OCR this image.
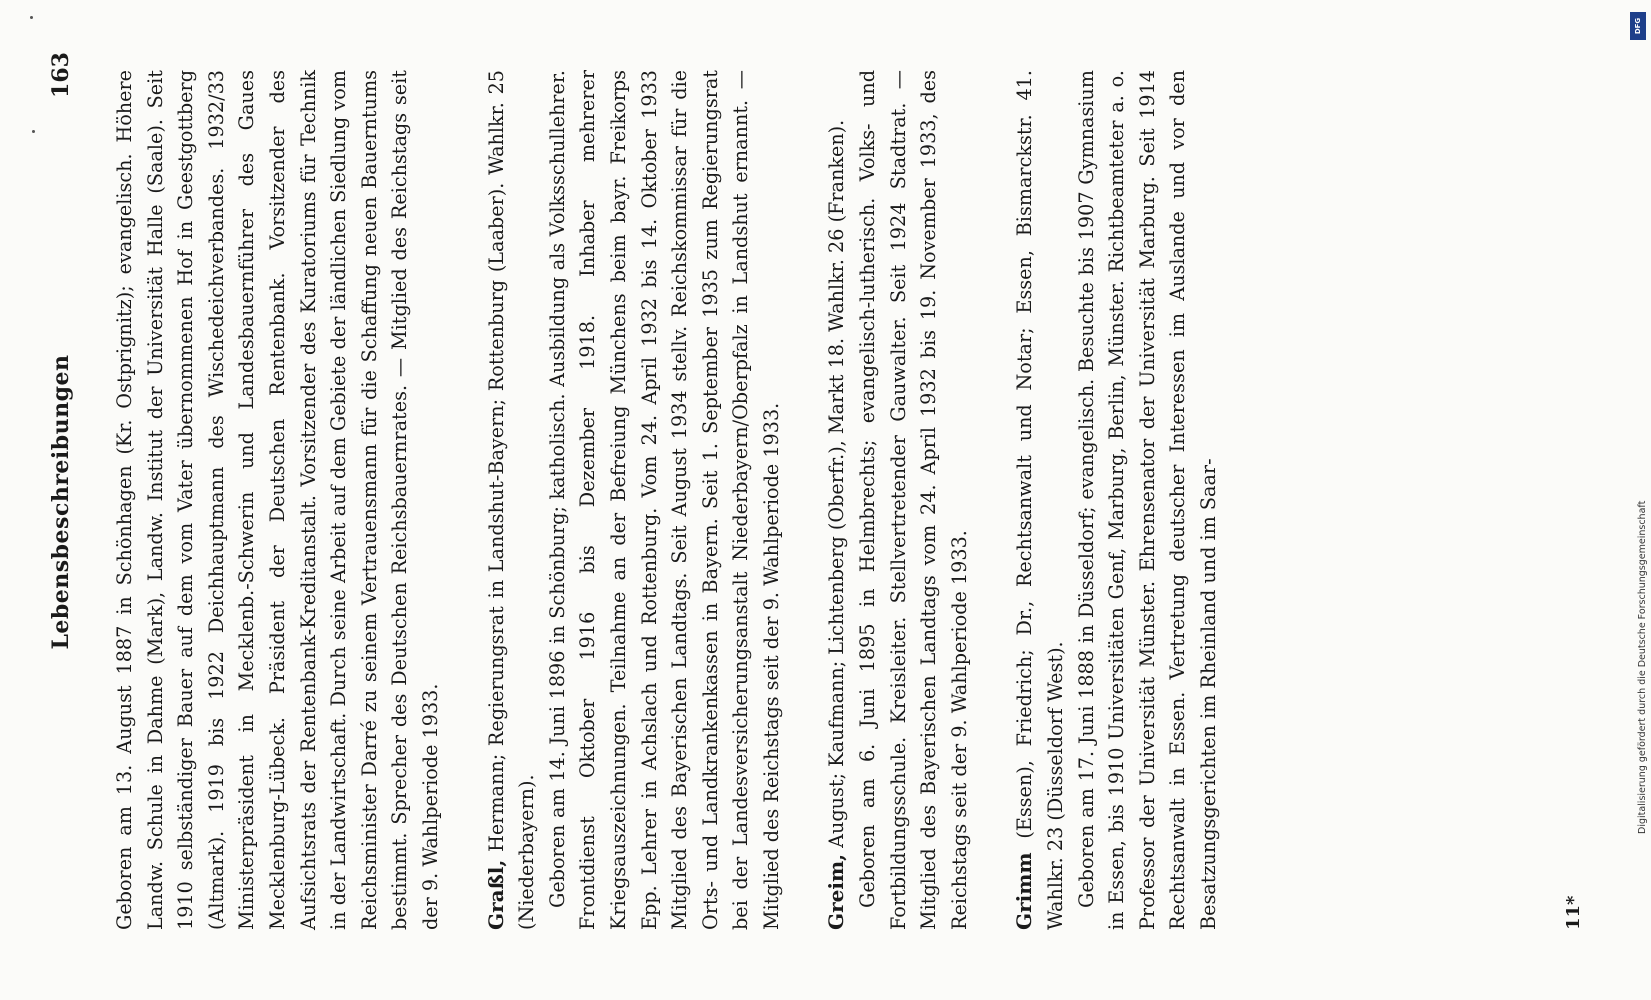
Lebensbeschreibungen
163 Geboren am 13. August 1887 in Schönhagen (Kr. Ostprignitz); evangelisch. Höhere Landw. Schule in Dahme (Mark), Landw. Institut der Universität Halle (Saale). Seit 1910 selbständiger Bauer auf dem vom Vater übernommenen Hof in Geestgottberg (Altmark). 1919 bis 1922 Deichhauptmann des Wischedeichverbandes. 1932/33 Ministerpräsident in Mecklenb.-Schwerin und Landesbauernführer des Gaues Mecklenburg-Lübeck. Präsident der Deutschen Rentenbank. Vorsitzender des Aufsichtsrats der Rentenbank-Kreditanstalt. Vorsitzender des Kuratoriums für Technik in der Landwirtschaft. Durch seine Arbeit auf dem Gebiete der ländlichen Siedlung vom Reichsminister Darré zu seinem Vertrauensmann für die Schaffung neuen Bauerntums bestimmt. Sprecher des Deutschen Reichsbauernrates. — Mitglied des Reichstags seit der 9. Wahlperiode 1933. Graßl, Hermann; Regierungsrat in Landshut-Bayern; Rottenburg (Laaber). Wahlkr. 25 (Niederbayern). Geboren am 14. Juni 1896 in Schönburg; katholisch. Ausbildung als Volksschullehrer. Frontdienst Oktober 1916 bis Dezember 1918. Inhaber mehrerer Kriegsauszeichnungen. Teilnahme an der Befreiung Münchens beim bayr. Freikorps Epp. Lehrer in Achslach und Rottenburg. Vom 24. April 1932 bis 14. Oktober 1933 Mitglied des Bayerischen Landtags. Seit August 1934 stellv. Reichskommissar für die Orts- und Landkrankenkassen in Bayern. Seit 1. September 1935 zum Regierungsrat bei der Landesversicherungsanstalt Niederbayern/Oberpfalz in Landshut ernannt. — Mitglied des Reichstags seit der 9. Wahlperiode 1933. Greim, August; Kaufmann; Lichtenberg (Oberfr.), Markt 18. Wahlkr. 26 (Franken). Geboren am 6. Juni 1895 in Helmbrechts; evangelisch-lutherisch. Volks- und Fortbildungsschule. Kreisleiter. Stellvertretender Gauwalter. Seit 1924 Stadtrat. — Mitglied des Bayerischen Landtags vom 24. April 1932 bis 19. November 1933, des Reichstags seit der 9. Wahlperiode 1933. Grimm (Essen), Friedrich; Dr., Rechtsanwalt und Notar; Essen, Bismarckstr. 41. Wahlkr. 23 (Düsseldorf West). Geboren am 17. Juni 1888 in Düsseldorf; evangelisch. Besuchte bis 1907 Gymnasium in Essen, bis 1910 Universitäten Genf, Marburg, Berlin, Münster. Richtbeamteter a. o. Professor der Universität Münster. Ehrensenator der Universität Marburg. Seit 1914 Rechtsanwalt in Essen. Vertretung deutscher Interessen im Auslande und vor den Besatzungsgerichten im Rheinland und im Saar-	11*
DFG
Digitalisierung gefördert durch die Deutsche Forschungsgemeinschaft
